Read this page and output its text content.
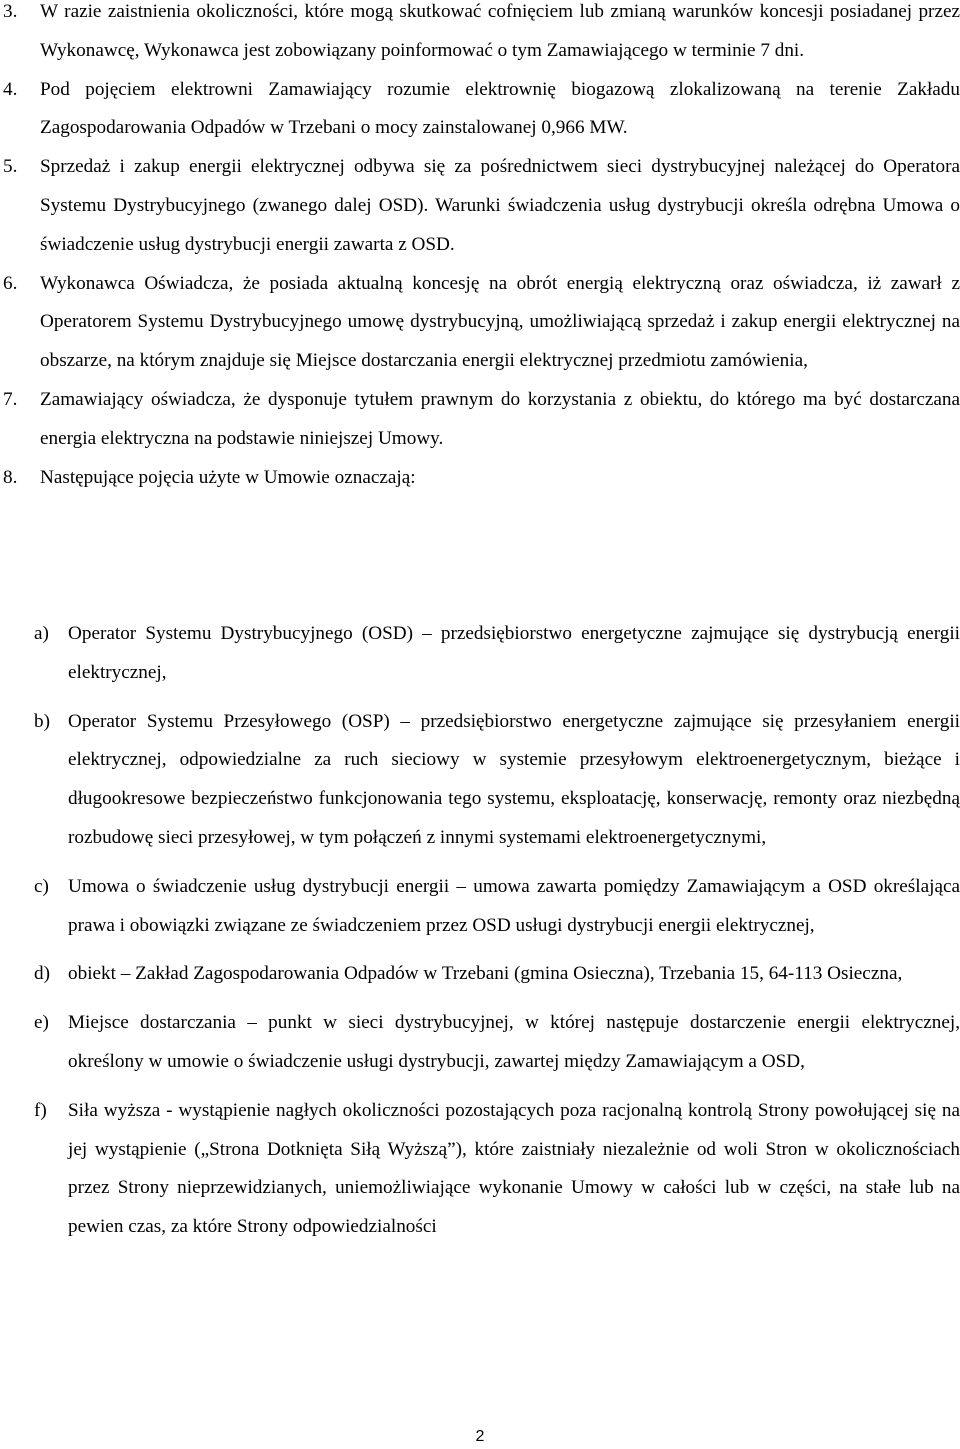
3. W razie zaistnienia okoliczności, które mogą skutkować cofnięciem lub zmianą warunków koncesji posiadanej przez Wykonawcę, Wykonawca jest zobowiązany poinformować o tym Zamawiającego w terminie 7 dni.
4. Pod pojęciem elektrowni Zamawiający rozumie elektrownię biogazową zlokalizowaną na terenie Zakładu Zagospodarowania Odpadów w Trzebani o mocy zainstalowanej 0,966 MW.
5. Sprzedaż i zakup energii elektrycznej odbywa się za pośrednictwem sieci dystrybucyjnej należącej do Operatora Systemu Dystrybucyjnego (zwanego dalej OSD). Warunki świadczenia usług dystrybucji określa odrębna Umowa o świadczenie usług dystrybucji energii zawarta z OSD.
6. Wykonawca Oświadcza, że posiada aktualną koncesję na obrót energią elektryczną oraz oświadcza, iż zawarł z Operatorem Systemu Dystrybucyjnego umowę dystrybucyjną, umożliwiającą sprzedaż i zakup energii elektrycznej na obszarze, na którym znajduje się Miejsce dostarczania energii elektrycznej przedmiotu zamówienia,
7. Zamawiający oświadcza, że dysponuje tytułem prawnym do korzystania z obiektu, do którego ma być dostarczana energia elektryczna na podstawie niniejszej Umowy.
8. Następujące pojęcia użyte w Umowie oznaczają:
a) Operator Systemu Dystrybucyjnego (OSD) – przedsiębiorstwo energetyczne zajmujące się dystrybucją energii elektrycznej,
b) Operator Systemu Przesyłowego (OSP) – przedsiębiorstwo energetyczne zajmujące się przesyłaniem energii elektrycznej, odpowiedzialne za ruch sieciowy w systemie przesyłowym elektroenergetycznym, bieżące i długookresowe bezpieczeństwo funkcjonowania tego systemu, eksploatację, konserwację, remonty oraz niezbędną rozbudowę sieci przesyłowej, w tym połączeń z innymi systemami elektroenergetycznymi,
c) Umowa o świadczenie usług dystrybucji energii – umowa zawarta pomiędzy Zamawiającym a OSD określająca prawa i obowiązki związane ze świadczeniem przez OSD usługi dystrybucji energii elektrycznej,
d) obiekt – Zakład Zagospodarowania Odpadów w Trzebani (gmina Osieczna), Trzebania 15, 64-113 Osieczna,
e) Miejsce dostarczania – punkt w sieci dystrybucyjnej, w której następuje dostarczenie energii elektrycznej, określony w umowie o świadczenie usługi dystrybucji, zawartej między Zamawiającym a OSD,
f) Siła wyższa - wystąpienie nagłych okoliczności pozostających poza racjonalną kontrolą Strony powołującej się na jej wystąpienie („Strona Dotknięta Siłą Wyższą”), które zaistniały niezależnie od woli Stron w okolicznościach przez Strony nieprzewidzianych, uniemożliwiające wykonanie Umowy w całości lub w części, na stałe lub na pewien czas, za które Strony odpowiedzialności
2
